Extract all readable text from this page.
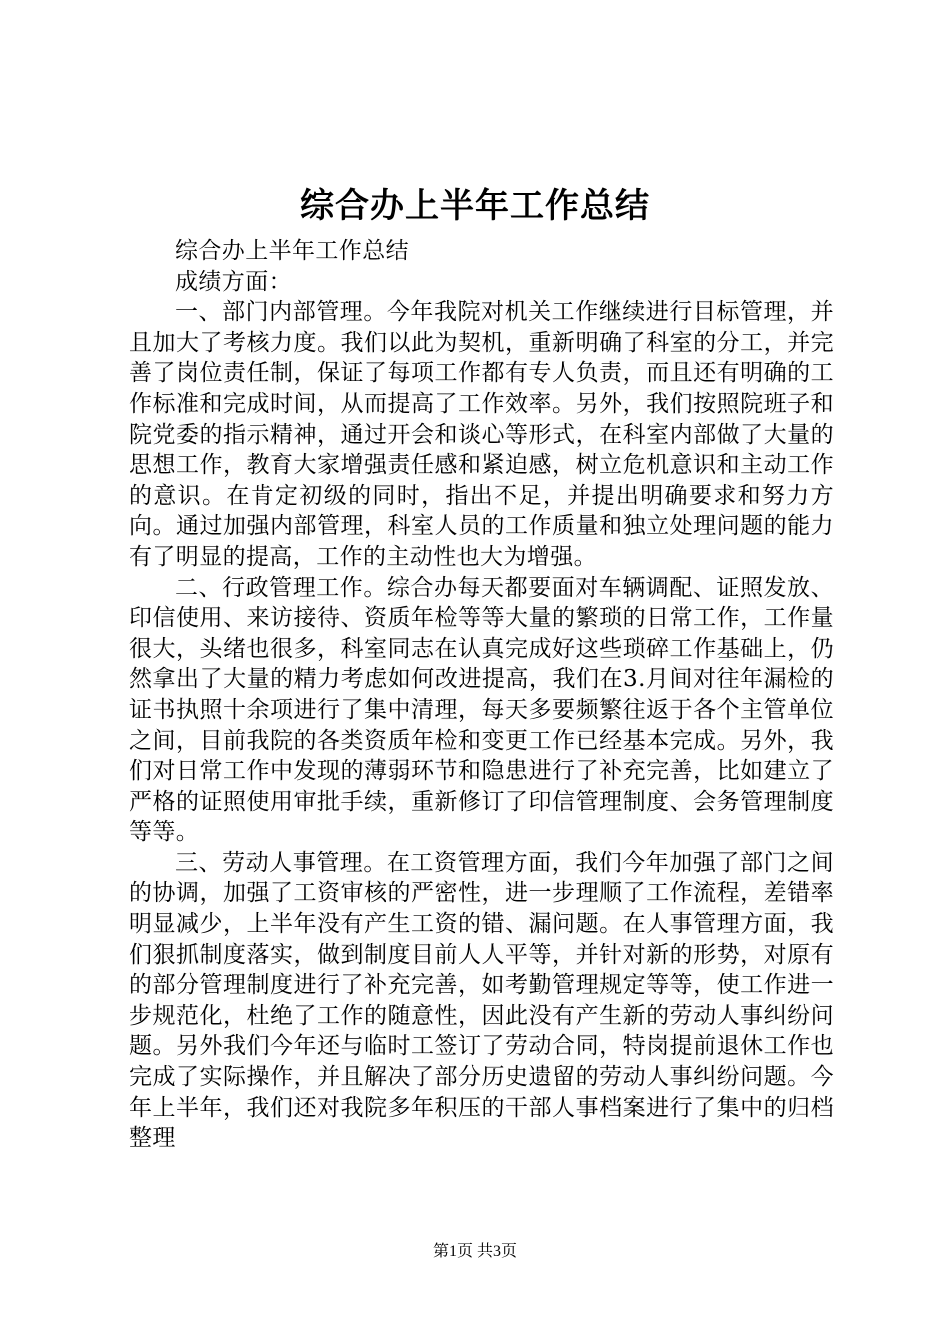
综合办上半年工作总结

综合办上半年工作总结

成绩方面：

一、部门内部管理。今年我院对机关工作继续进行目标管理，并且加大了考核力度。我们以此为契机，重新明确了科室的分工，并完善了岗位责任制，保证了每项工作都有专人负责，而且还有明确的工作标准和完成时间，从而提高了工作效率。另外，我们按照院班子和院党委的指示精神，通过开会和谈心等形式，在科室内部做了大量的思想工作，教育大家增强责任感和紧迫感，树立危机意识和主动工作的意识。在肯定初级的同时，指出不足，并提出明确要求和努力方向。通过加强内部管理，科室人员的工作质量和独立处理问题的能力有了明显的提高，工作的主动性也大为增强。

二、行政管理工作。综合办每天都要面对车辆调配、证照发放、印信使用、来访接待、资质年检等等大量的繁琐的日常工作，工作量很大，头绪也很多，科室同志在认真完成好这些琐碎工作基础上，仍然拿出了大量的精力考虑如何改进提高，我们在3.月间对往年漏检的证书执照十余项进行了集中清理，每天多要频繁往返于各个主管单位之间，目前我院的各类资质年检和变更工作已经基本完成。另外，我们对日常工作中发现的薄弱环节和隐患进行了补充完善，比如建立了严格的证照使用审批手续，重新修订了印信管理制度、会务管理制度等等。

三、劳动人事管理。在工资管理方面，我们今年加强了部门之间的协调，加强了工资审核的严密性，进一步理顺了工作流程，差错率明显减少，上半年没有产生工资的错、漏问题。在人事管理方面，我们狠抓制度落实，做到制度目前人人平等，并针对新的形势，对原有的部分管理制度进行了补充完善，如考勤管理规定等等，使工作进一步规范化，杜绝了工作的随意性，因此没有产生新的劳动人事纠纷问题。另外我们今年还与临时工签订了劳动合同，特岗提前退休工作也完成了实际操作，并且解决了部分历史遗留的劳动人事纠纷问题。今年上半年，我们还对我院多年积压的干部人事档案进行了集中的归档整理

第1页 共3页
